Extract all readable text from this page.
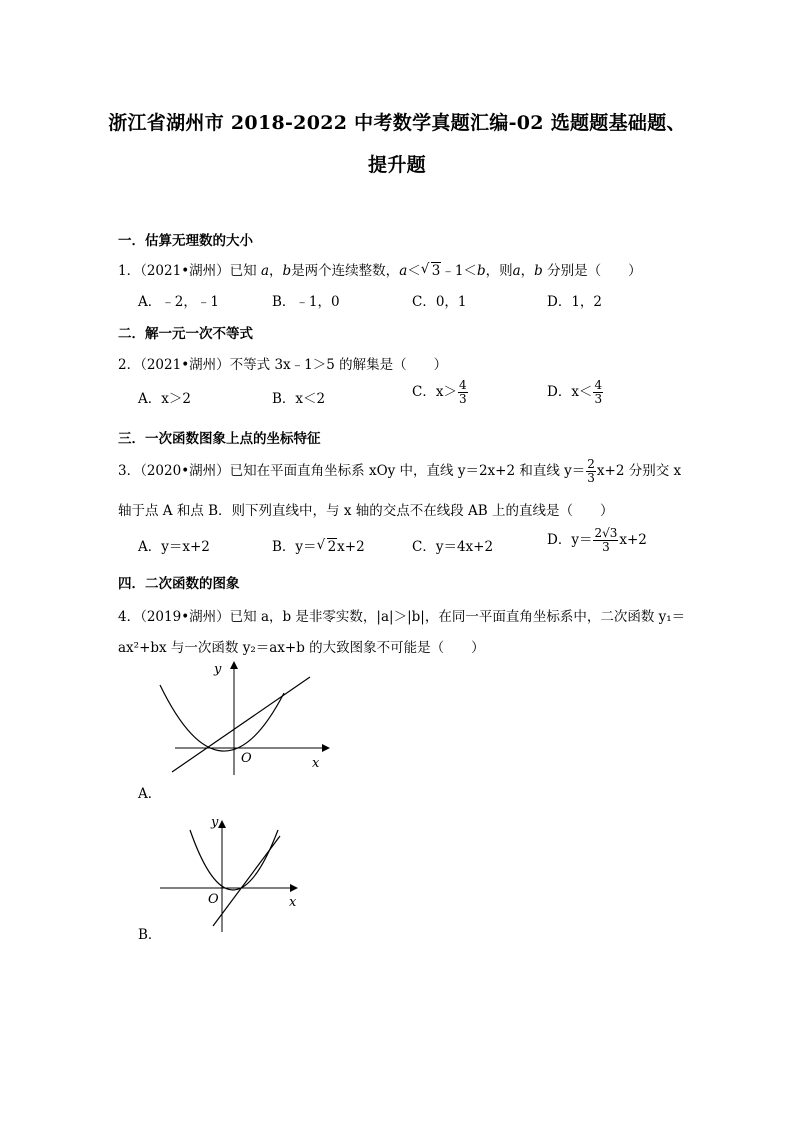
浙江省湖州市 2018-2022 中考数学真题汇编-02 选题题基础题、
提升题
一．估算无理数的大小
1．（2021•湖州）已知 a，b是两个连续整数，a＜ √ 3﹣1＜b，则a，b 分别是（　　）
A．﹣2，﹣1	B．﹣1，0	C．0，1	D．1，2
二．解一元一次不等式
2．（2021•湖州）不等式 3x﹣1＞5 的解集是（　　）
A．x＞2	B．x＜2	C．$x> \frac{4}{3}$	D．$x< \frac{4}{3}$
三．一次函数图象上点的坐标特征
3．（2020•湖州）已知在平面直角坐标系 xOy 中，直线 y＝2x+2 和直线 $y= \frac{2}{3} x+2$ 分别交 x
轴于点 A 和点 B．则下列直线中，与 x 轴的交点不在线段 AB 上的直线是（　　）
A．y＝x+2	B．y＝ √ 2x+2	C．y＝4x+2	D．$y= \frac{2√3}{3} x+2$
四．二次函数的图象
4．（2019•湖州）已知 a，b 是非零实数，|a|＞|b|，在同一平面直角坐标系中，二次函数 y₁＝
ax²+bx 与一次函数 y₂＝ax+b 的大致图象不可能是（　　）
y
O	x
A．
y
O	x
B．
